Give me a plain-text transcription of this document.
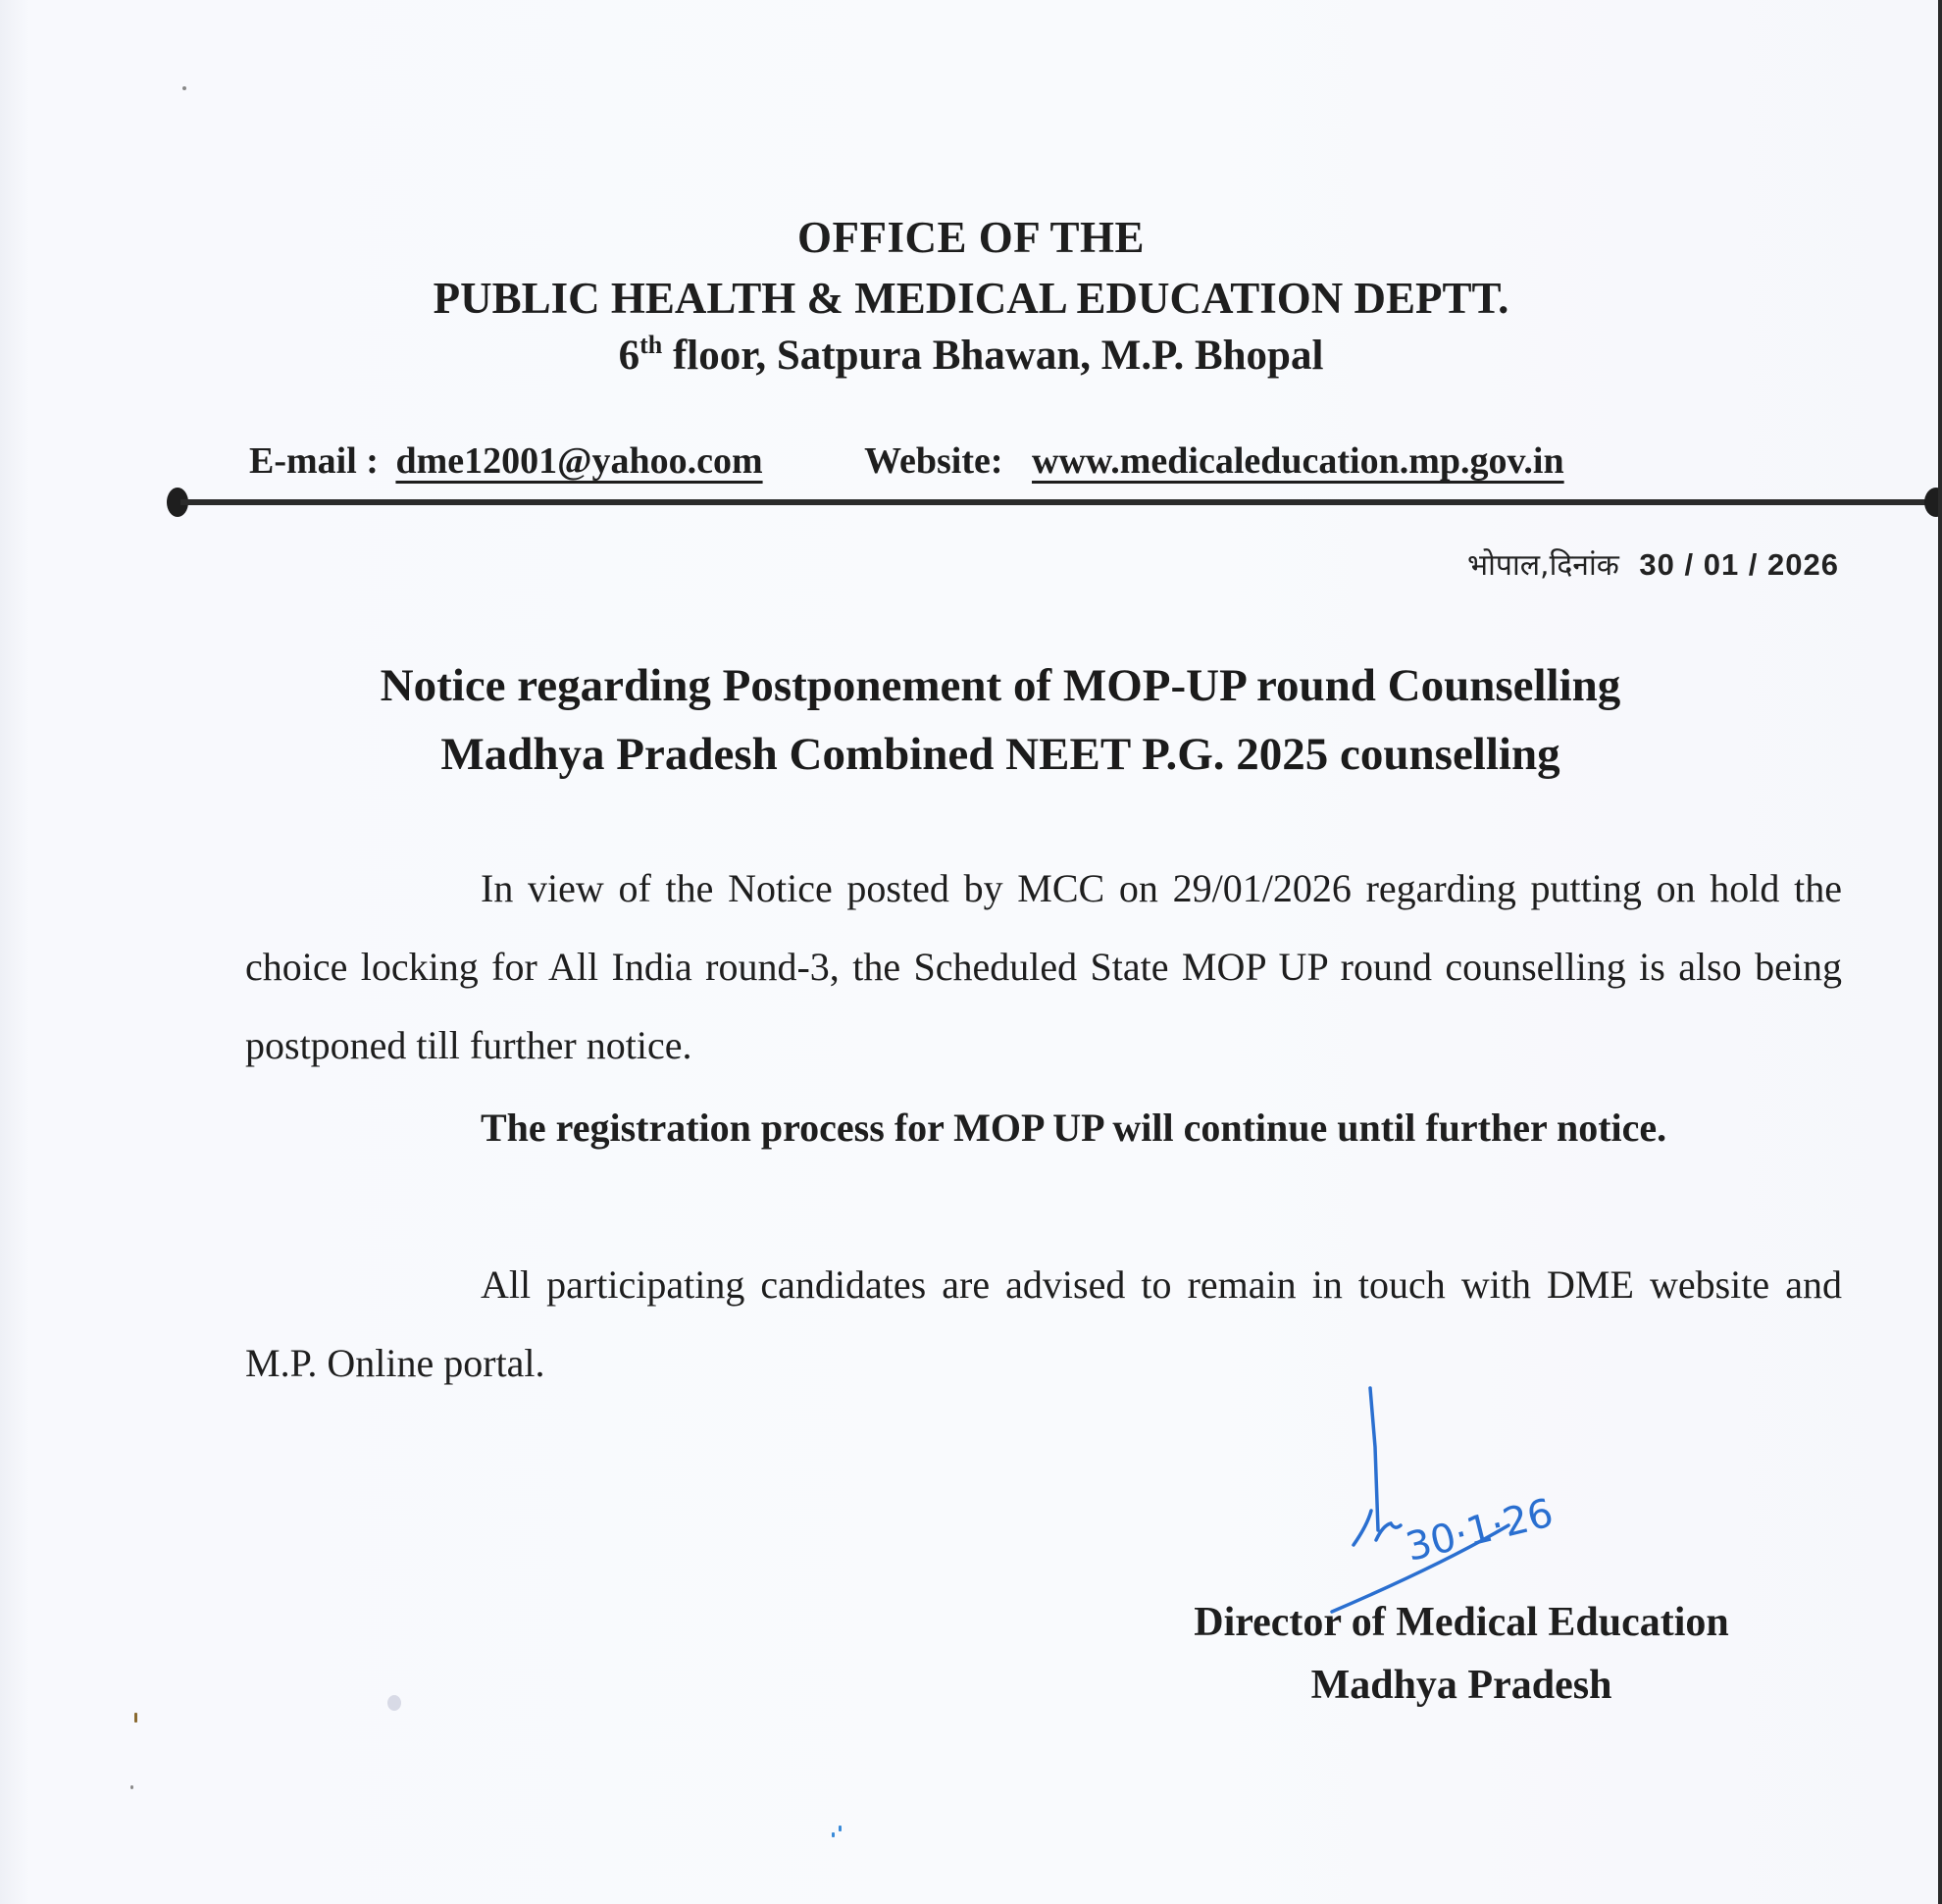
OFFICE OF THE
PUBLIC HEALTH & MEDICAL EDUCATION DEPTT.
6th floor, Satpura Bhawan, M.P. Bhopal
E-mail : dme12001@yahoo.com	Website: www.medicaleducation.mp.gov.in
भोपाल,दिनांक 30 / 01 / 2026
Notice regarding Postponement of MOP-UP round Counselling
Madhya Pradesh Combined NEET P.G. 2025 counselling
In view of the Notice posted by MCC on 29/01/2026 regarding putting on hold the choice locking for All India round-3, the Scheduled State MOP UP round counselling is also being postponed till further notice.
The registration process for MOP UP will continue until further notice.
All participating candidates are advised to remain in touch with DME website and M.P. Online portal.
30·1·26
Director of Medical Education
Madhya Pradesh
